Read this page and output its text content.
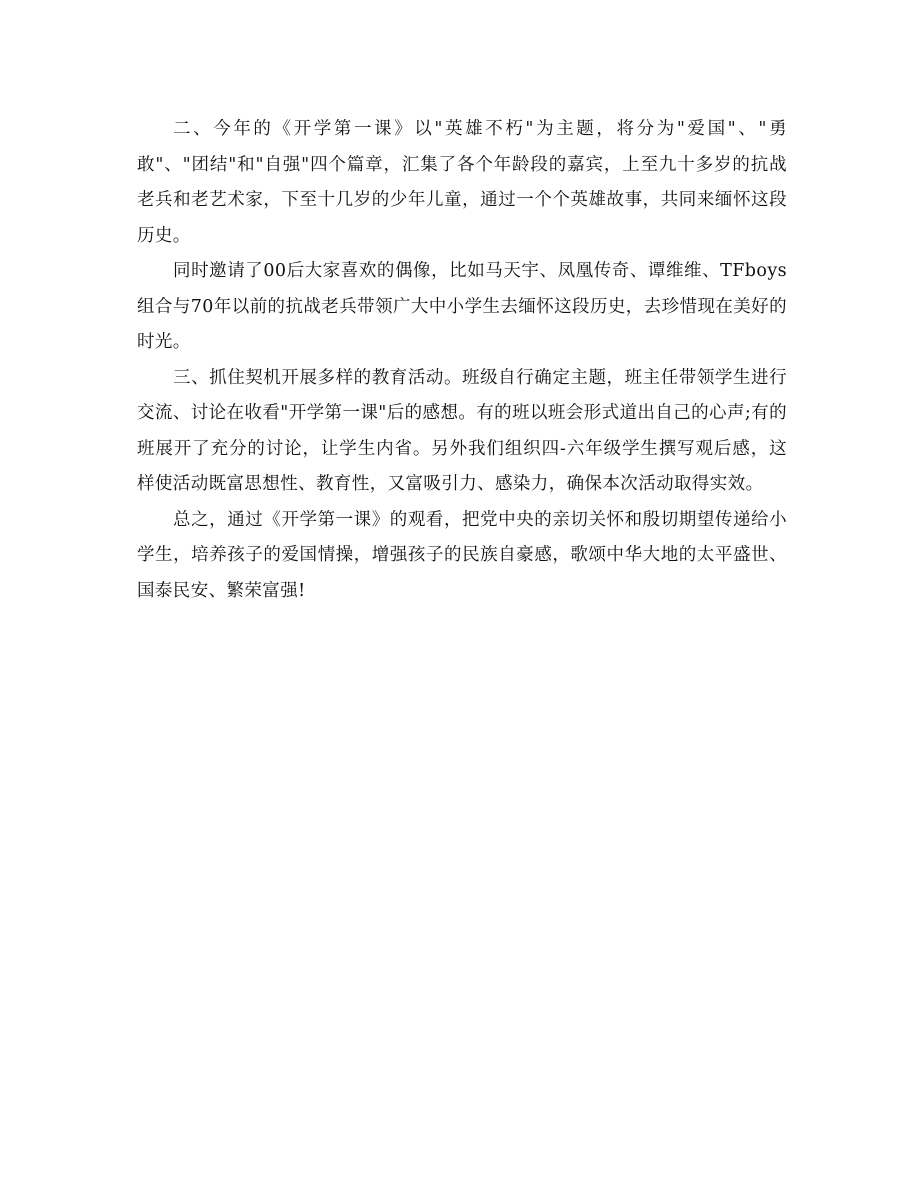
二、今年的《开学第一课》以"英雄不朽"为主题，将分为"爱国"、"勇敢"、"团结"和"自强"四个篇章，汇集了各个年龄段的嘉宾，上至九十多岁的抗战老兵和老艺术家，下至十几岁的少年儿童，通过一个个英雄故事，共同来缅怀这段历史。

同时邀请了00后大家喜欢的偶像，比如马天宇、凤凰传奇、谭维维、TFboys组合与70年以前的抗战老兵带领广大中小学生去缅怀这段历史，去珍惜现在美好的时光。

三、抓住契机开展多样的教育活动。班级自行确定主题，班主任带领学生进行交流、讨论在收看"开学第一课"后的感想。有的班以班会形式道出自己的心声;有的班展开了充分的讨论，让学生内省。另外我们组织四-六年级学生撰写观后感，这样使活动既富思想性、教育性，又富吸引力、感染力，确保本次活动取得实效。

总之，通过《开学第一课》的观看，把党中央的亲切关怀和殷切期望传递给小学生，培养孩子的爱国情操，增强孩子的民族自豪感，歌颂中华大地的太平盛世、国泰民安、繁荣富强!
